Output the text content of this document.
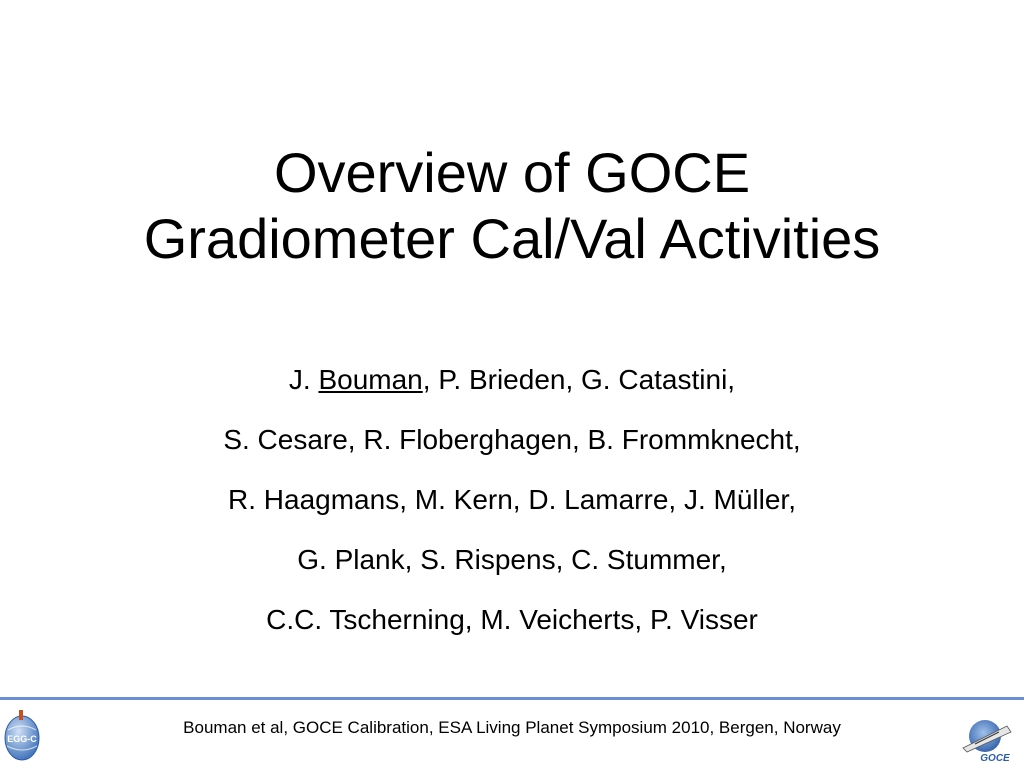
Overview of GOCE
Gradiometer Cal/Val Activities
J. Bouman, P. Brieden, G. Catastini,
S. Cesare, R. Floberghagen, B. Frommknecht,
R. Haagmans, M. Kern, D. Lamarre, J. Müller,
G. Plank, S. Rispens, C. Stummer,
C.C. Tscherning, M. Veicherts, P. Visser
EGG-C
Bouman et al, GOCE Calibration, ESA Living Planet Symposium 2010, Bergen, Norway
GOCE
